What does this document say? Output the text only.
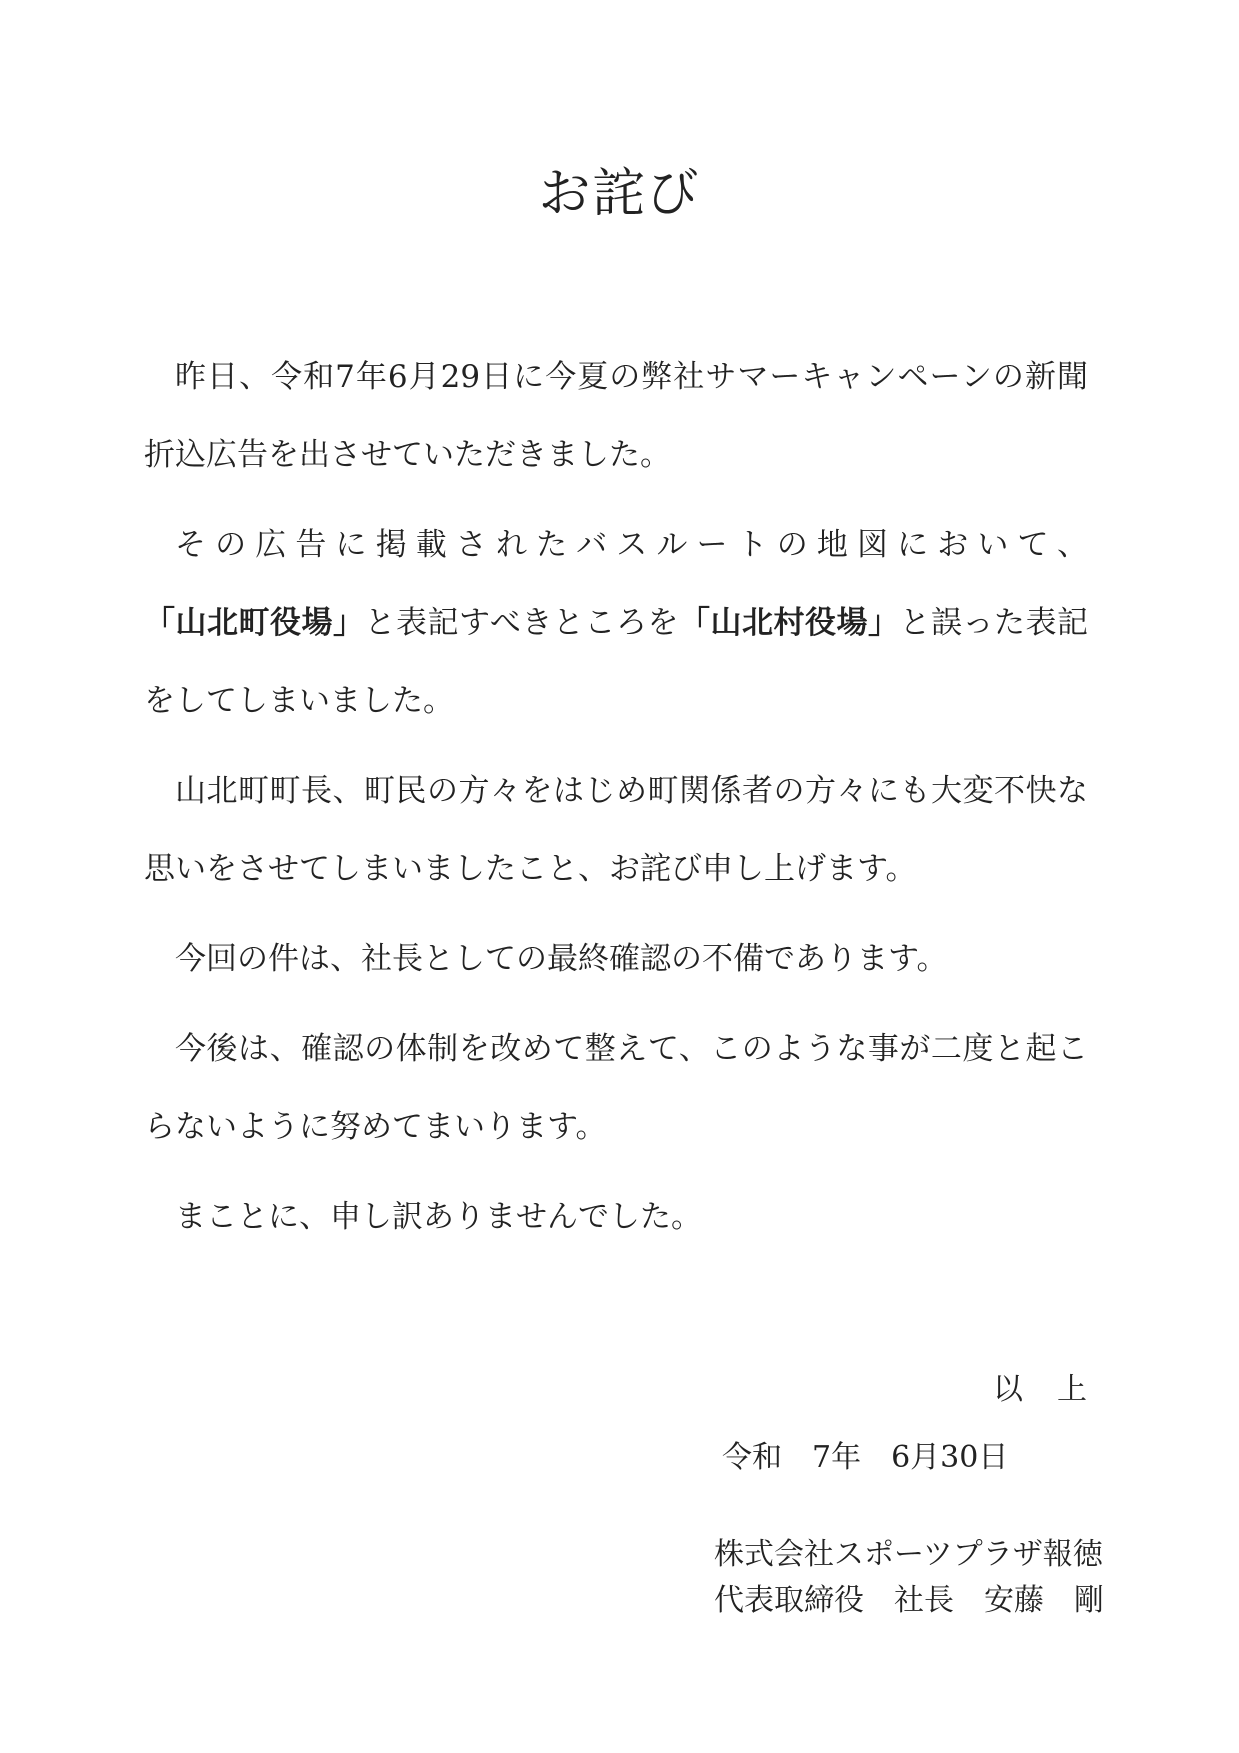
お詫び

昨日、令和7年6月29日に今夏の弊社サマーキャンペーンの新聞折込広告を出させていただきました。

その広告に掲載されたバスルートの地図において、「山北町役場」と表記すべきところを「山北村役場」と誤った表記をしてしまいました。

山北町町長、町民の方々をはじめ町関係者の方々にも大変不快な思いをさせてしまいましたこと、お詫び申し上げます。

今回の件は、社長としての最終確認の不備であります。

今後は、確認の体制を改めて整えて、このような事が二度と起こらないように努めてまいります。

まことに、申し訳ありませんでした。

以　上
令和　7年　6月30日
株式会社スポーツプラザ報徳
代表取締役　社長　安藤　剛
